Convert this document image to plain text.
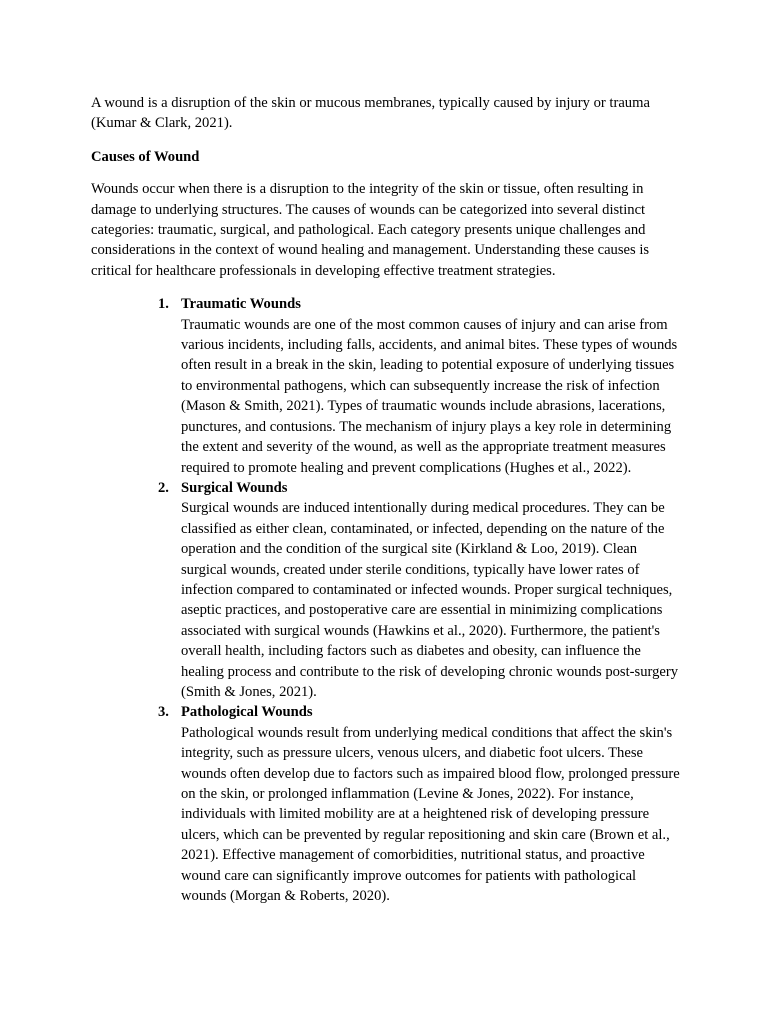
A wound is a disruption of the skin or mucous membranes, typically caused by injury or trauma (Kumar & Clark, 2021).

Causes of Wound

Wounds occur when there is a disruption to the integrity of the skin or tissue, often resulting in damage to underlying structures. The causes of wounds can be categorized into several distinct categories: traumatic, surgical, and pathological. Each category presents unique challenges and considerations in the context of wound healing and management. Understanding these causes is critical for healthcare professionals in developing effective treatment strategies.

1. Traumatic Wounds
Traumatic wounds are one of the most common causes of injury and can arise from various incidents, including falls, accidents, and animal bites. These types of wounds often result in a break in the skin, leading to potential exposure of underlying tissues to environmental pathogens, which can subsequently increase the risk of infection (Mason & Smith, 2021). Types of traumatic wounds include abrasions, lacerations, punctures, and contusions. The mechanism of injury plays a key role in determining the extent and severity of the wound, as well as the appropriate treatment measures required to promote healing and prevent complications (Hughes et al., 2022).
2. Surgical Wounds
Surgical wounds are induced intentionally during medical procedures. They can be classified as either clean, contaminated, or infected, depending on the nature of the operation and the condition of the surgical site (Kirkland & Loo, 2019). Clean surgical wounds, created under sterile conditions, typically have lower rates of infection compared to contaminated or infected wounds. Proper surgical techniques, aseptic practices, and postoperative care are essential in minimizing complications associated with surgical wounds (Hawkins et al., 2020). Furthermore, the patient's overall health, including factors such as diabetes and obesity, can influence the healing process and contribute to the risk of developing chronic wounds post-surgery (Smith & Jones, 2021).
3. Pathological Wounds
Pathological wounds result from underlying medical conditions that affect the skin's integrity, such as pressure ulcers, venous ulcers, and diabetic foot ulcers. These wounds often develop due to factors such as impaired blood flow, prolonged pressure on the skin, or prolonged inflammation (Levine & Jones, 2022). For instance, individuals with limited mobility are at a heightened risk of developing pressure ulcers, which can be prevented by regular repositioning and skin care (Brown et al., 2021). Effective management of comorbidities, nutritional status, and proactive wound care can significantly improve outcomes for patients with pathological wounds (Morgan & Roberts, 2020).
